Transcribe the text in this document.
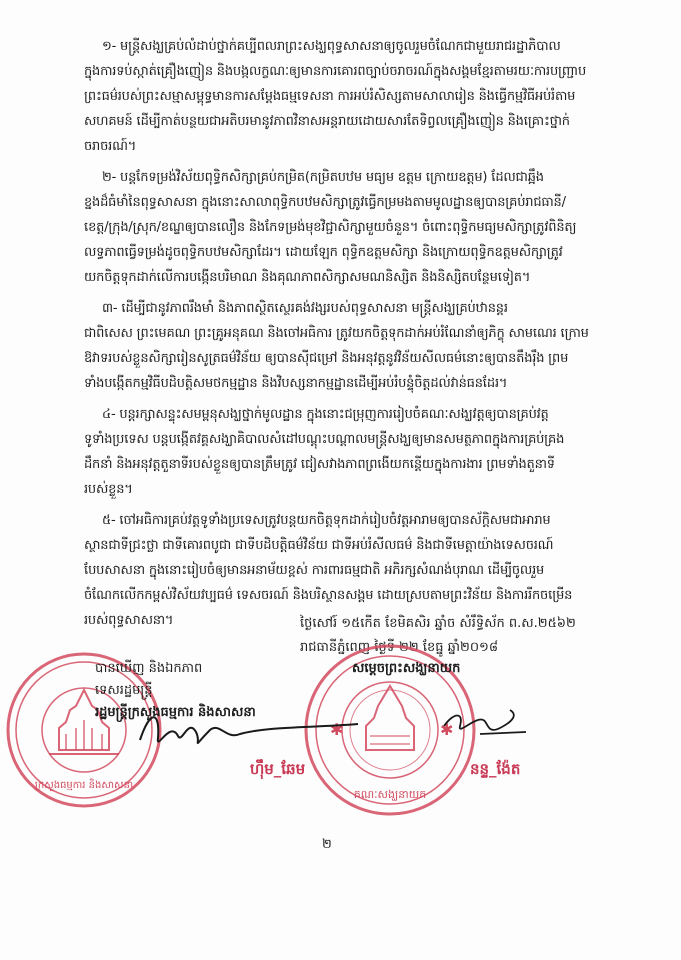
១- មន្ត្រីសង្ឃគ្រប់លំដាប់ថ្នាក់គប្បីពលរាព្រះសង្ឃពុទ្ធសាសនាឲ្យចូលរួមចំណែកជាមួយរាជរដ្ឋាភិបាល
ក្នុងការទប់ស្កាត់គ្រឿងញៀន និងបង្កលក្ខណៈឲ្យមានការគោរពច្បាប់ចរាចរណ៍ក្នុងសង្គមខ្មែរតាមរយៈការបញ្រ្ជាប
ព្រះធម៌របស់ព្រះសម្មាសម្ពុទ្ធមានការសម្តែងធម្មទេសនា ការអប់រំសិស្សតាមសាលារៀន និងធ្វើកម្មវិធីអប់រំតាម
សហគមន៍ ដើម្បីកាត់បន្ថយជាអតិបរមានូវភាពវិនាសអន្តរាយដោយសារតែទិព្វលគ្រឿងញៀន និងគ្រោះថ្នាក់
ចរាចរណ៍។
២- បន្តកែទម្រង់វិស័យពុទ្ធិកសិក្សាគ្រប់កម្រិត(កម្រិតបឋម មធ្យម ឧត្តម ក្រោយឧត្តម) ដែលជាឆ្អឹង
ខ្នងដ៏ធំមាំនៃពុទ្ធសាសនា ក្នុងនោះសាលាពុទ្ធិកបឋមសិក្សាត្រូវធ្វើកម្រមងតាមមូលដ្ឋានឲ្យបានគ្រប់រាជធានី/
ខេត្ត/ក្រុង/ស្រុក/ខណ្ឌឲ្យបានលឿន និងកែទម្រង់មុខវិជ្ជាសិក្សាមួយចំនួន។ ចំពោះពុទ្ធិកមធ្យមសិក្សាត្រូវពិនិត្យ
លទ្ធភាពធ្វើទម្រង់ដូចពុទ្ធិកបឋមសិក្សាដែរ។ ដោយឡែក ពុទ្ធិកឧត្តមសិក្សា និងក្រោយពុទ្ធិកឧត្តមសិក្សាត្រូវ
យកចិត្តទុកដាក់លើការបង្កើនបរិមាណ និងគុណភាពសិក្សាសមណនិស្សិត និងនិស្សិតបន្ថែមទៀត។
៣- ដើម្បីជានូវភាពរឹងមាំ និងភាពស្ថិតស្ថេរគង់វង្សរបស់ពុទ្ធសាសនា មន្ត្រីសង្ឃគ្រប់ឋានន្តរ
ជាពិសេស ព្រះមេគណ ព្រះគ្រូអនុគណ និងចៅអធិការ ត្រូវយកចិត្តទុកដាក់អប់រំណែនាំឲ្យភិក្ខុ សាមណេរ ក្រោម
ឱវាទរបស់ខ្លួនសិក្សារៀនសូត្រធម៌វិន័យ ឲ្យបានស៊ីជម្រៅ និងអនុវត្តនូវវិន័យសីលធម៌នោះឲ្យបានតឹងរ៉ឹង ព្រម
ទាំងបង្កើតកម្មវិធីបដិបត្តិសមថកម្មដ្ឋាន និងវិបស្សនាកម្មដ្ឋានដើម្បីអប់រំបន្ទុំចិត្តដល់វាន់ធនដែរ។
៤- បន្តរក្សាសន្ទុះសមម្ពនុសង្ឃថ្នាក់មូលដ្ឋាន ក្នុងនោះជម្រុញការរៀបចំគណៈសង្ឃវត្តឲ្យបានគ្រប់វត្ត
ទូទាំងប្រទេស បន្តបង្កើតវគ្គសង្ឃាគិបាលសំដៅបណ្តុះបណ្តាលមន្ត្រីសង្ឃឲ្យមានសមត្ថភាពក្នុងការគ្រប់គ្រង
ដឹកនាំ និងអនុវត្តតួនាទីរបស់ខ្លួនឲ្យបានត្រឹមត្រូវ ជៀសវាងភាពព្រងើយកន្តើយក្នុងការងារ ព្រមទាំងតួនាទី
របស់ខ្លួន។
៥- ចៅអធិការគ្រប់វត្តទូទាំងប្រទេសត្រូវបន្តយកចិត្តទុកដាក់រៀបចំវត្តអារាមឲ្យបានស័ក្តិសមជាអារាម
ស្ថានជាទីជ្រះថ្លា ជាទីគោរពបូជា ជាទីបដិបត្តិធម៌វិន័យ ជាទីអប់រំសីលធម៌ និងជាទីមេត្តាយ៉ាងទេសចរណ៍
បែបសាសនា ក្នុងនោះរៀបចំឲ្យមានអនាម័យខ្ពស់ ការពារធម្មជាតិ អភិរក្សសំណង់បុរាណ ដើម្បីចូលរួម
ចំណែកលើកកម្ពស់វិស័យវប្បធម៌ ទេសចរណ៍ និងបរិស្ថានសង្គម ដោយស្របតាមព្រះវិន័យ និងការរីកចម្រើន
របស់ពុទ្ធសាសនា។	ថ្ងៃសៅរ៍ ១៥កើត ខែមិគសិរ ឆ្នាំច សំរឹទ្ធិស័ក ព.ស.២៥៦២
រាជធានីភ្នំពេញ ថ្ងៃទី ២២ ខែធ្នូ ឆ្នាំ២០១៨
ក្រសួងធម្មការ និងសាសនា
✱	✱
គណៈសង្ឃនាយក
បានឃើញ និងឯកភាព
ទេសរដ្ឋមន្ត្រី
រដ្ឋមន្ត្រីក្រសួងធម្មការ និងសាសនា
សម្តេចព្រះសង្ឃនាយក
ហ៊ឹម_ឆែម	នន្ទ_ង៉ែត
២
